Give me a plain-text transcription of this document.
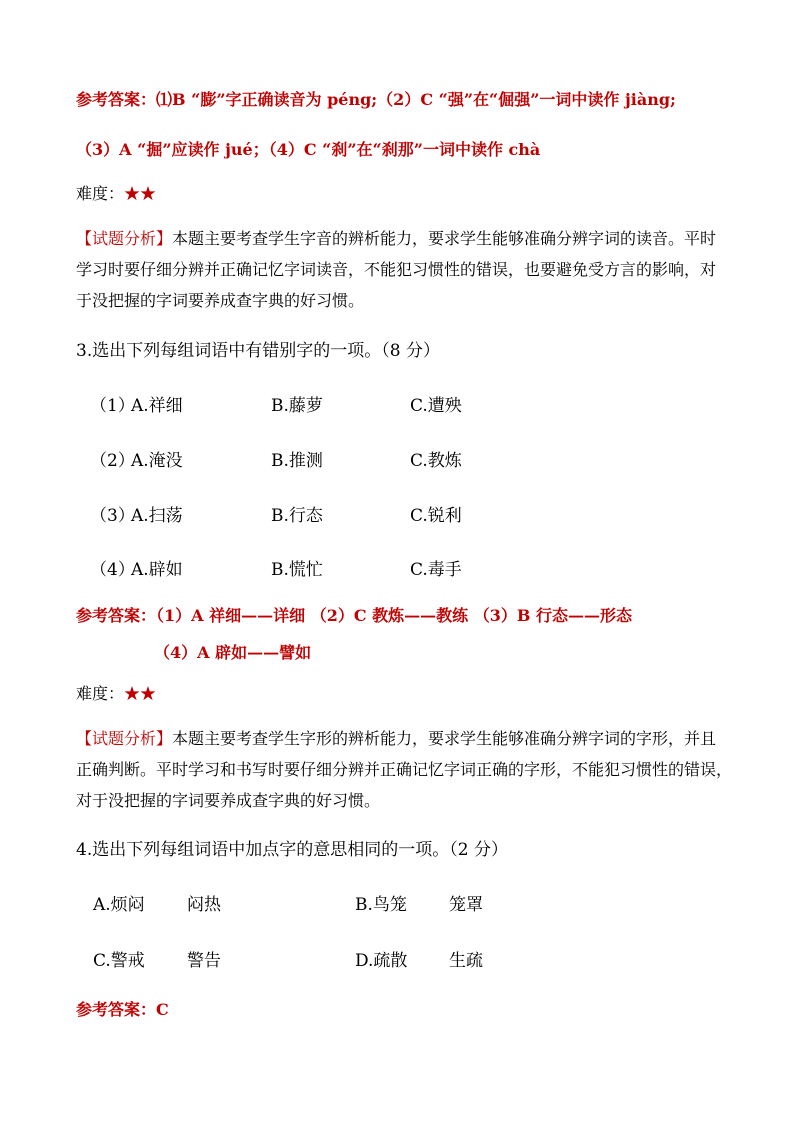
参考答案：⑴B “膨”字正确读音为 péng;（2）C “强”在“倔强”一词中读作 jiàng;
（3）A “掘”应读作 jué；（4）C “刹”在“刹那”一词中读作 chà
难度：★★
【试题分析】本题主要考查学生字音的辨析能力，要求学生能够准确分辨字词的读音。平时
学习时要仔细分辨并正确记忆字词读音，不能犯习惯性的错误，也要避免受方言的影响，对
于没把握的字词要养成查字典的好习惯。
3.选出下列每组词语中有错别字的一项。（8 分）
（1）
A.祥细	B.藤萝	C.遭殃
（2）
A.淹没	B.推测	C.教炼
（3）
A.扫荡	B.行态	C.锐利
（4）
A.辟如	B.慌忙	C.毒手
参考答案：（1）A 祥细——详细 （2）C 教炼——教练 （3）B 行态——形态
（4）A 辟如——譬如
难度：★★
【试题分析】本题主要考查学生字形的辨析能力，要求学生能够准确分辨字词的字形，并且
正确判断。平时学习和书写时要仔细分辨并正确记忆字词正确的字形，不能犯习惯性的错误，
对于没把握的字词要养成查字典的好习惯。
4.选出下列每组词语中加点字的意思相同的一项。（2 分）
A.烦闷 闷热	B.鸟笼 笼罩
C.警戒 警告	D.疏散 生疏
参考答案：C
